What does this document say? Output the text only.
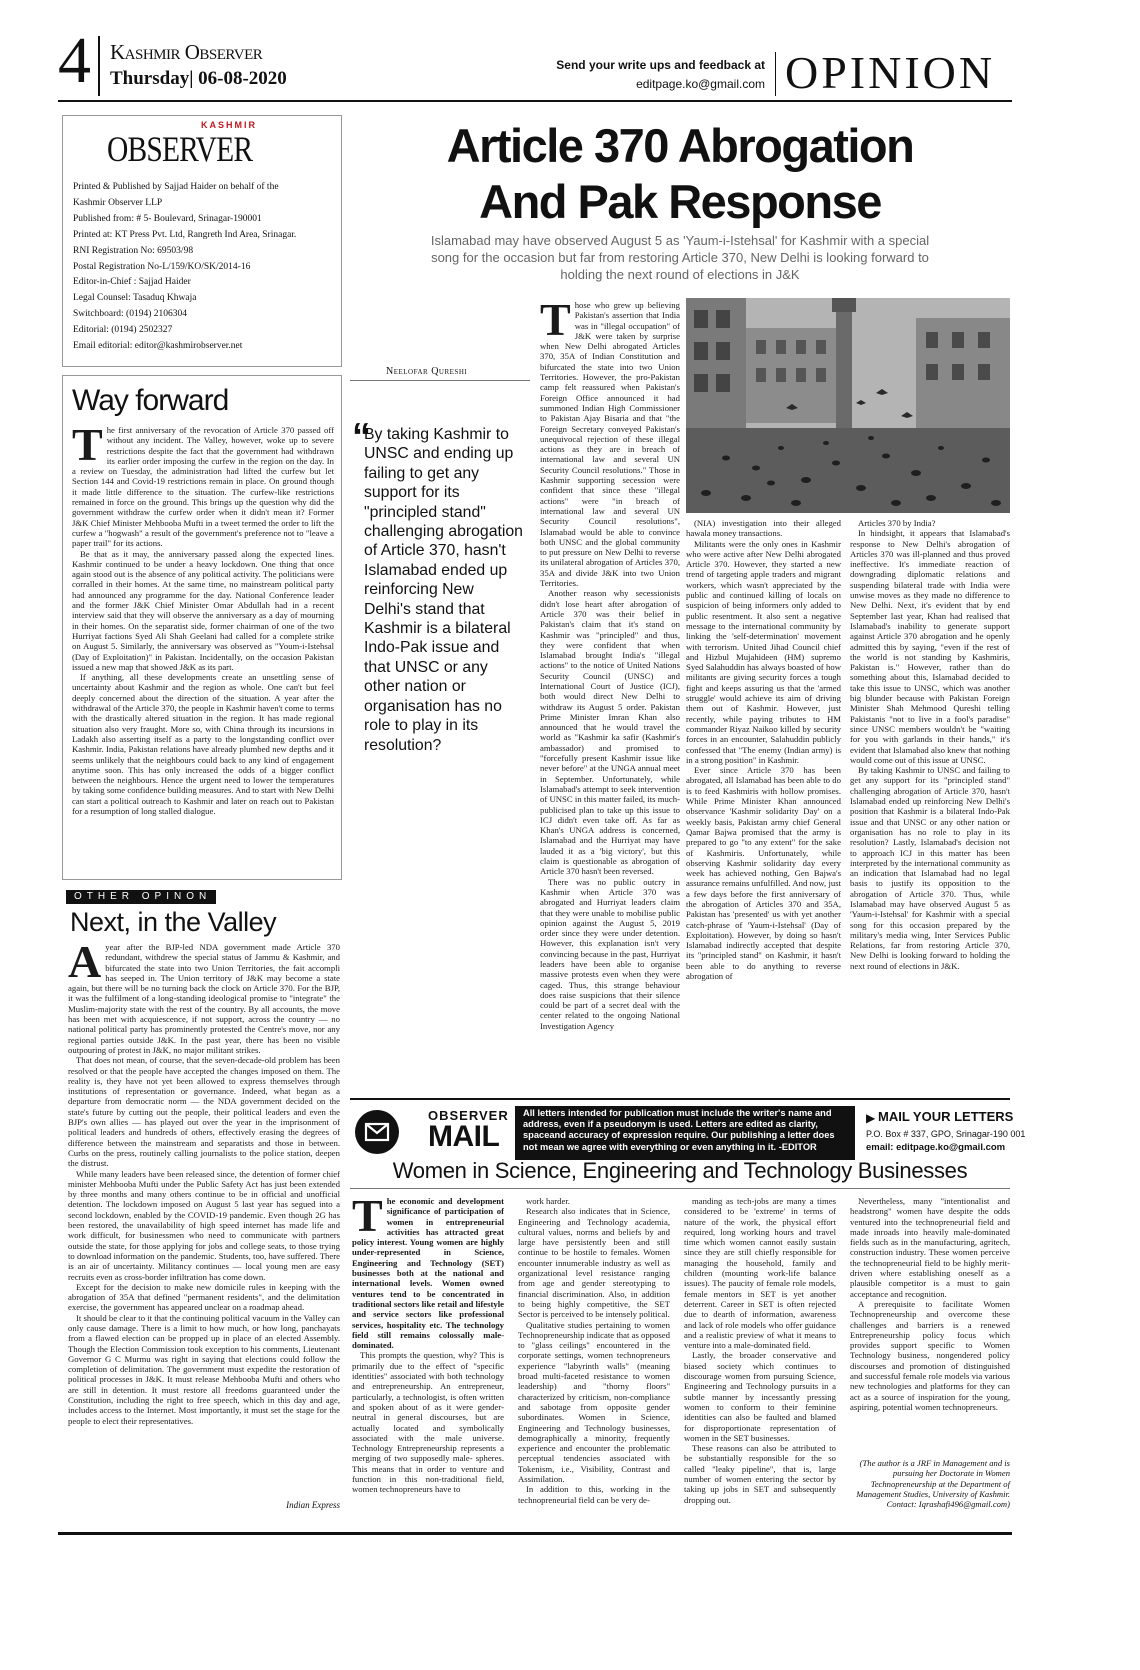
4 Kashmir Observer
Thursday| 06-08-2020
Send your write ups and feedback at
editpage.ko@gmail.com OPINION
KASHMIR
OBSERVER
Printed & Published by Sajjad Haider on behalf of the
Kashmir Observer LLP
Published from: # 5- Boulevard, Srinagar-190001
Printed at: KT Press Pvt. Ltd, Rangreth Ind Area, Srinagar.
RNI Registration No: 69503/98
Postal Registration No-L/159/KO/SK/2014-16
Editor-in-Chief : Sajjad Haider
Legal Counsel: Tasaduq Khwaja
Switchboard: (0194) 2106304
Editorial: (0194) 2502327
Email editorial: editor@kashmirobserver.net
Way forward

The first anniversary of the revocation of Article 370 passed off without any incident. The Valley, however, woke up to severe restrictions despite the fact that the government had withdrawn its earlier order imposing the curfew in the region on the day. In a review on Tuesday, the administration had lifted the curfew but let Section 144 and Covid-19 restrictions remain in place. On ground though it made little difference to the situation. The curfew-like restrictions remained in force on the ground. This brings up the question why did the government withdraw the curfew order when it didn't mean it? Former J&K Chief Minister Mehbooba Mufti in a tweet termed the order to lift the curfew a "hogwash" a result of the government's preference not to "leave a paper trail" for its actions.

Be that as it may, the anniversary passed along the expected lines. Kashmir continued to be under a heavy lockdown. One thing that once again stood out is the absence of any political activity. The politicians were corralled in their homes. At the same time, no mainstream political party had announced any programme for the day. National Conference leader and the former J&K Chief Minister Omar Abdullah had in a recent interview said that they will observe the anniversary as a day of mourning in their homes. On the separatist side, former chairman of one of the two Hurriyat factions Syed Ali Shah Geelani had called for a complete strike on August 5. Similarly, the anniversary was observed as "Youm-i-Istehsal (Day of Exploitation)" in Pakistan. Incidentally, on the occasion Pakistan issued a new map that showed J&K as its part.

If anything, all these developments create an unsettling sense of uncertainty about Kashmir and the region as whole. One can't but feel deeply concerned about the direction of the situation. A year after the withdrawal of the Article 370, the people in Kashmir haven't come to terms with the drastically altered situation in the region. It has made regional situation also very fraught. More so, with China through its incursions in Ladakh also asserting itself as a party to the longstanding conflict over Kashmir. India, Pakistan relations have already plumbed new depths and it seems unlikely that the neighbours could back to any kind of engagement anytime soon. This has only increased the odds of a bigger conflict between the neighbours. Hence the urgent need to lower the temperatures by taking some confidence building measures. And to start with New Delhi can start a political outreach to Kashmir and later on reach out to Pakistan for a resumption of long stalled dialogue.

OTHER OPINON
Next, in the Valley

A year after the BJP-led NDA government made Article 370 redundant, withdrew the special status of Jammu & Kashmir, and bifurcated the state into two Union Territories, the fait accompli has seeped in. The Union territory of J&K may become a state again, but there will be no turning back the clock on Article 370. For the BJP, it was the fulfilment of a long-standing ideological promise to "integrate" the Muslim-majority state with the rest of the country. By all accounts, the move has been met with acquiescence, if not support, across the country — no national political party has prominently protested the Centre's move, nor any regional parties outside J&K. In the past year, there has been no visible outpouring of protest in J&K, no major militant strikes.

That does not mean, of course, that the seven-decade-old problem has been resolved or that the people have accepted the changes imposed on them. The reality is, they have not yet been allowed to express themselves through institutions of representation or governance. Indeed, what began as a departure from democratic norm — the NDA government decided on the state's future by cutting out the people, their political leaders and even the BJP's own allies — has played out over the year in the imprisonment of political leaders and hundreds of others, effectively erasing the degrees of difference between the mainstream and separatists and those in between. Curbs on the press, routinely calling journalists to the police station, deepen the distrust.

While many leaders have been released since, the detention of former chief minister Mehbooba Mufti under the Public Safety Act has just been extended by three months and many others continue to be in official and unofficial detention. The lockdown imposed on August 5 last year has segued into a second lockdown, enabled by the COVID-19 pandemic. Even though 2G has been restored, the unavailability of high speed internet has made life and work difficult, for businessmen who need to communicate with partners outside the state, for those applying for jobs and college seats, to those trying to download information on the pandemic. Students, too, have suffered. There is an air of uncertainty. Militancy continues — local young men are easy recruits even as cross-border infiltration has come down.

Except for the decision to make new domicile rules in keeping with the abrogation of 35A that defined "permanent residents", and the delimitation exercise, the government has appeared unclear on a roadmap ahead.

It should be clear to it that the continuing political vacuum in the Valley can only cause damage. There is a limit to how much, or how long, panchayats from a flawed election can be propped up in place of an elected Assembly. Though the Election Commission took exception to his comments, Lieutenant Governor G C Murmu was right in saying that elections could follow the completion of delimitation. The government must expedite the restoration of political processes in J&K. It must release Mehbooba Mufti and others who are still in detention. It must restore all freedoms guaranteed under the Constitution, including the right to free speech, which in this day and age, includes access to the Internet. Most importantly, it must set the stage for the people to elect their representatives.

Indian Express
Article 370 Abrogation
And Pak Response
Islamabad may have observed August 5 as 'Yaum-i-Istehsal' for Kashmir with a special song for the occasion but far from restoring Article 370, New Delhi is looking forward to holding the next round of elections in J&K
Neelofar Qureshi
“
By taking Kashmir to UNSC and ending up failing to get any support for its "principled stand" challenging abrogation of Article 370, hasn't Islamabad ended up reinforcing New Delhi's stand that Kashmir is a bilateral Indo-Pak issue and that UNSC or any other nation or organisation has no role to play in its resolution?

Those who grew up believing Pakistan's assertion that India was in "illegal occupation" of J&K were taken by surprise when New Delhi abrogated Articles 370, 35A of Indian Constitution and bifurcated the state into two Union Territories. However, the pro-Pakistan camp felt reassured when Pakistan's Foreign Office announced it had summoned Indian High Commissioner to Pakistan Ajay Bisaria and that "the Foreign Secretary conveyed Pakistan's unequivocal rejection of these illegal actions as they are in breach of international law and several UN Security Council resolutions." Those in Kashmir supporting secession were confident that since these "illegal actions" were "in breach of international law and several UN Security Council resolutions", Islamabad would be able to convince both UNSC and the global community to put pressure on New Delhi to reverse its unilateral abrogation of Articles 370, 35A and divide J&K into two Union Territories.

Another reason why secessionists didn't lose heart after abrogation of Article 370 was their belief in Pakistan's claim that it's stand on Kashmir was "principled" and thus, they were confident that when Islamabad brought India's "illegal actions" to the notice of United Nations Security Council (UNSC) and International Court of Justice (ICJ), both would direct New Delhi to withdraw its August 5 order. Pakistan Prime Minister Imran Khan also announced that he would travel the world as "Kashmir ka safir (Kashmir's ambassador) and promised to "forcefully present Kashmir issue like never before" at the UNGA annual meet in September. Unfortunately, while Islamabad's attempt to seek intervention of UNSC in this matter failed, its much-publicised plan to take up this issue to ICJ didn't even take off. As far as Khan's UNGA address is concerned, Islamabad and the Hurriyat may have lauded it as a 'big victory', but this claim is questionable as abrogation of Article 370 hasn't been reversed.

There was no public outcry in Kashmir when Article 370 was abrogated and Hurriyat leaders claim that they were unable to mobilise public opinion against the August 5, 2019 order since they were under detention. However, this explanation isn't very convincing because in the past, Hurriyat leaders have been able to organise massive protests even when they were caged. Thus, this strange behaviour does raise suspicions that their silence could be part of a secret deal with the center related to the ongoing National Investigation Agency

(NIA) investigation into their alleged hawala money transactions.

Militants were the only ones in Kashmir who were active after New Delhi abrogated Article 370. However, they started a new trend of targeting apple traders and migrant workers, which wasn't appreciated by the public and continued killing of locals on suspicion of being informers only added to public resentment. It also sent a negative message to the international community by linking the 'self-determination' movement with terrorism. United Jihad Council chief and Hizbul Mujahideen (HM) supremo Syed Salahuddin has always boasted of how militants are giving security forces a tough fight and keeps assuring us that the 'armed struggle' would achieve its aim of driving them out of Kashmir. However, just recently, while paying tributes to HM commander Riyaz Naikoo killed by security forces in an encounter, Salahuddin publicly confessed that "The enemy (Indian army) is in a strong position" in Kashmir.

Ever since Article 370 has been abrogated, all Islamabad has been able to do is to feed Kashmiris with hollow promises. While Prime Minister Khan announced observance 'Kashmir solidarity Day' on a weekly basis, Pakistan army chief General Qamar Bajwa promised that the army is prepared to go "to any extent" for the sake of Kashmiris. Unfortunately, while observing Kashmir solidarity day every week has achieved nothing, Gen Bajwa's assurance remains unfulfilled. And now, just a few days before the first anniversary of the abrogation of Articles 370 and 35A, Pakistan has 'presented' us with yet another catch-phrase of 'Yaum-i-Istehsal' (Day of Exploitation). However, by doing so hasn't Islamabad indirectly accepted that despite its "principled stand" on Kashmir, it hasn't been able to do anything to reverse abrogation of

Articles 370 by India?

In hindsight, it appears that Islamabad's response to New Delhi's abrogation of Articles 370 was ill-planned and thus proved ineffective. It's immediate reaction of downgrading diplomatic relations and suspending bilateral trade with India were unwise moves as they made no difference to New Delhi. Next, it's evident that by end September last year, Khan had realised that Islamabad's inability to generate support against Article 370 abrogation and he openly admitted this by saying, "even if the rest of the world is not standing by Kashmiris, Pakistan is." However, rather than do something about this, Islamabad decided to take this issue to UNSC, which was another big blunder because with Pakistan Foreign Minister Shah Mehmood Qureshi telling Pakistanis "not to live in a fool's paradise" since UNSC members wouldn't be "waiting for you with garlands in their hands," it's evident that Islamabad also knew that nothing would come out of this issue at UNSC.

By taking Kashmir to UNSC and failing to get any support for its "principled stand" challenging abrogation of Article 370, hasn't Islamabad ended up reinforcing New Delhi's position that Kashmir is a bilateral Indo-Pak issue and that UNSC or any other nation or organisation has no role to play in its resolution? Lastly, Islamabad's decision not to approach ICJ in this matter has been interpreted by the international community as an indication that Islamabad had no legal basis to justify its opposition to the abrogation of Article 370. Thus, while Islamabad may have observed August 5 as 'Yaum-i-Istehsal' for Kashmir with a special song for this occasion prepared by the military's media wing, Inter Services Public Relations, far from restoring Article 370, New Delhi is looking forward to holding the next round of elections in J&K.

OBSERVER
MAIL
All letters intended for publication must include the writer's name and address, even if a pseudonym is used. Letters are edited as clarity, spaceand accuracy of expression require. Our publishing a letter does not mean we agree with everything or even anything in it. -EDITOR
▶ MAIL YOUR LETTERS
P.O. Box # 337, GPO, Srinagar-190 001
email: editpage.ko@gmail.com
Women in Science, Engineering and Technology Businesses

The economic and development significance of participation of women in entrepreneurial activities has attracted great policy interest. Young women are highly under-represented in Science, Engineering and Technology (SET) businesses both at the national and international levels. Women owned ventures tend to be concentrated in traditional sectors like retail and lifestyle and service sectors like professional services, hospitality etc. The technology field still remains colossally male-dominated.

This prompts the question, why? This is primarily due to the effect of "specific identities" associated with both technology and entrepreneurship. An entrepreneur, particularly, a technologist, is often written and spoken about of as it were gender-neutral in general discourses, but are actually located and symbolically associated with the male universe. Technology Entrepreneurship represents a merging of two supposedly male- spheres. This means that in order to venture and function in this non-traditional field, women technopreneurs have to

work harder.

Research also indicates that in Science, Engineering and Technology academia, cultural values, norms and beliefs by and large have persistently been and still continue to be hostile to females. Women encounter innumerable industry as well as organizational level resistance ranging from age and gender stereotyping to financial discrimination. Also, in addition to being highly competitive, the SET Sector is perceived to be intensely political.

Qualitative studies pertaining to women Technopreneurship indicate that as opposed to "glass ceilings" encountered in the corporate settings, women technopreneurs experience "labyrinth walls" (meaning broad multi-faceted resistance to women leadership) and "thorny floors" characterized by criticism, non-compliance and sabotage from opposite gender subordinates. Women in Science, Engineering and Technology businesses, demographically a minority, frequently experience and encounter the problematic perceptual tendencies associated with Tokenism, i.e., Visibility, Contrast and Assimilation.

In addition to this, working in the technopreneurial field can be very de-

manding as tech-jobs are many a times considered to be 'extreme' in terms of nature of the work, the physical effort required, long working hours and travel time which women cannot easily sustain since they are still chiefly responsible for managing the household, family and children (mounting work-life balance issues). The paucity of female role models, female mentors in SET is yet another deterrent. Career in SET is often rejected due to dearth of information, awareness and lack of role models who offer guidance and a realistic preview of what it means to venture into a male-dominated field.

Lastly, the broader conservative and biased society which continues to discourage women from pursuing Science, Engineering and Technology pursuits in a subtle manner by incessantly pressing women to conform to their feminine identities can also be faulted and blamed for disproportionate representation of women in the SET businesses.

These reasons can also be attributed to be substantially responsible for the so called "leaky pipeline", that is, large number of women entering the sector by taking up jobs in SET and subsequently dropping out.

Nevertheless, many "intentionalist and headstrong" women have despite the odds ventured into the technopreneurial field and made inroads into heavily male-dominated fields such as in the manufacturing, agritech, construction industry. These women perceive the technopreneurial field to be highly merit-driven where establishing oneself as a plausible competitor is a must to gain acceptance and recognition.

A prerequisite to facilitate Women Technopreneurship and overcome these challenges and barriers is a renewed Entrepreneurship policy focus which provides support specific to Women Technology business, nongendered policy discourses and promotion of distinguished and successful female role models via various new technologies and platforms for they can act as a source of inspiration for the young, aspiring, potential women technopreneurs.

(The author is a JRF in Management and is pursuing her Doctorate in Women Technopreneurship at the Department of Management Studies, University of Kashmir. Contact: Iqrashafi496@gmail.com)
